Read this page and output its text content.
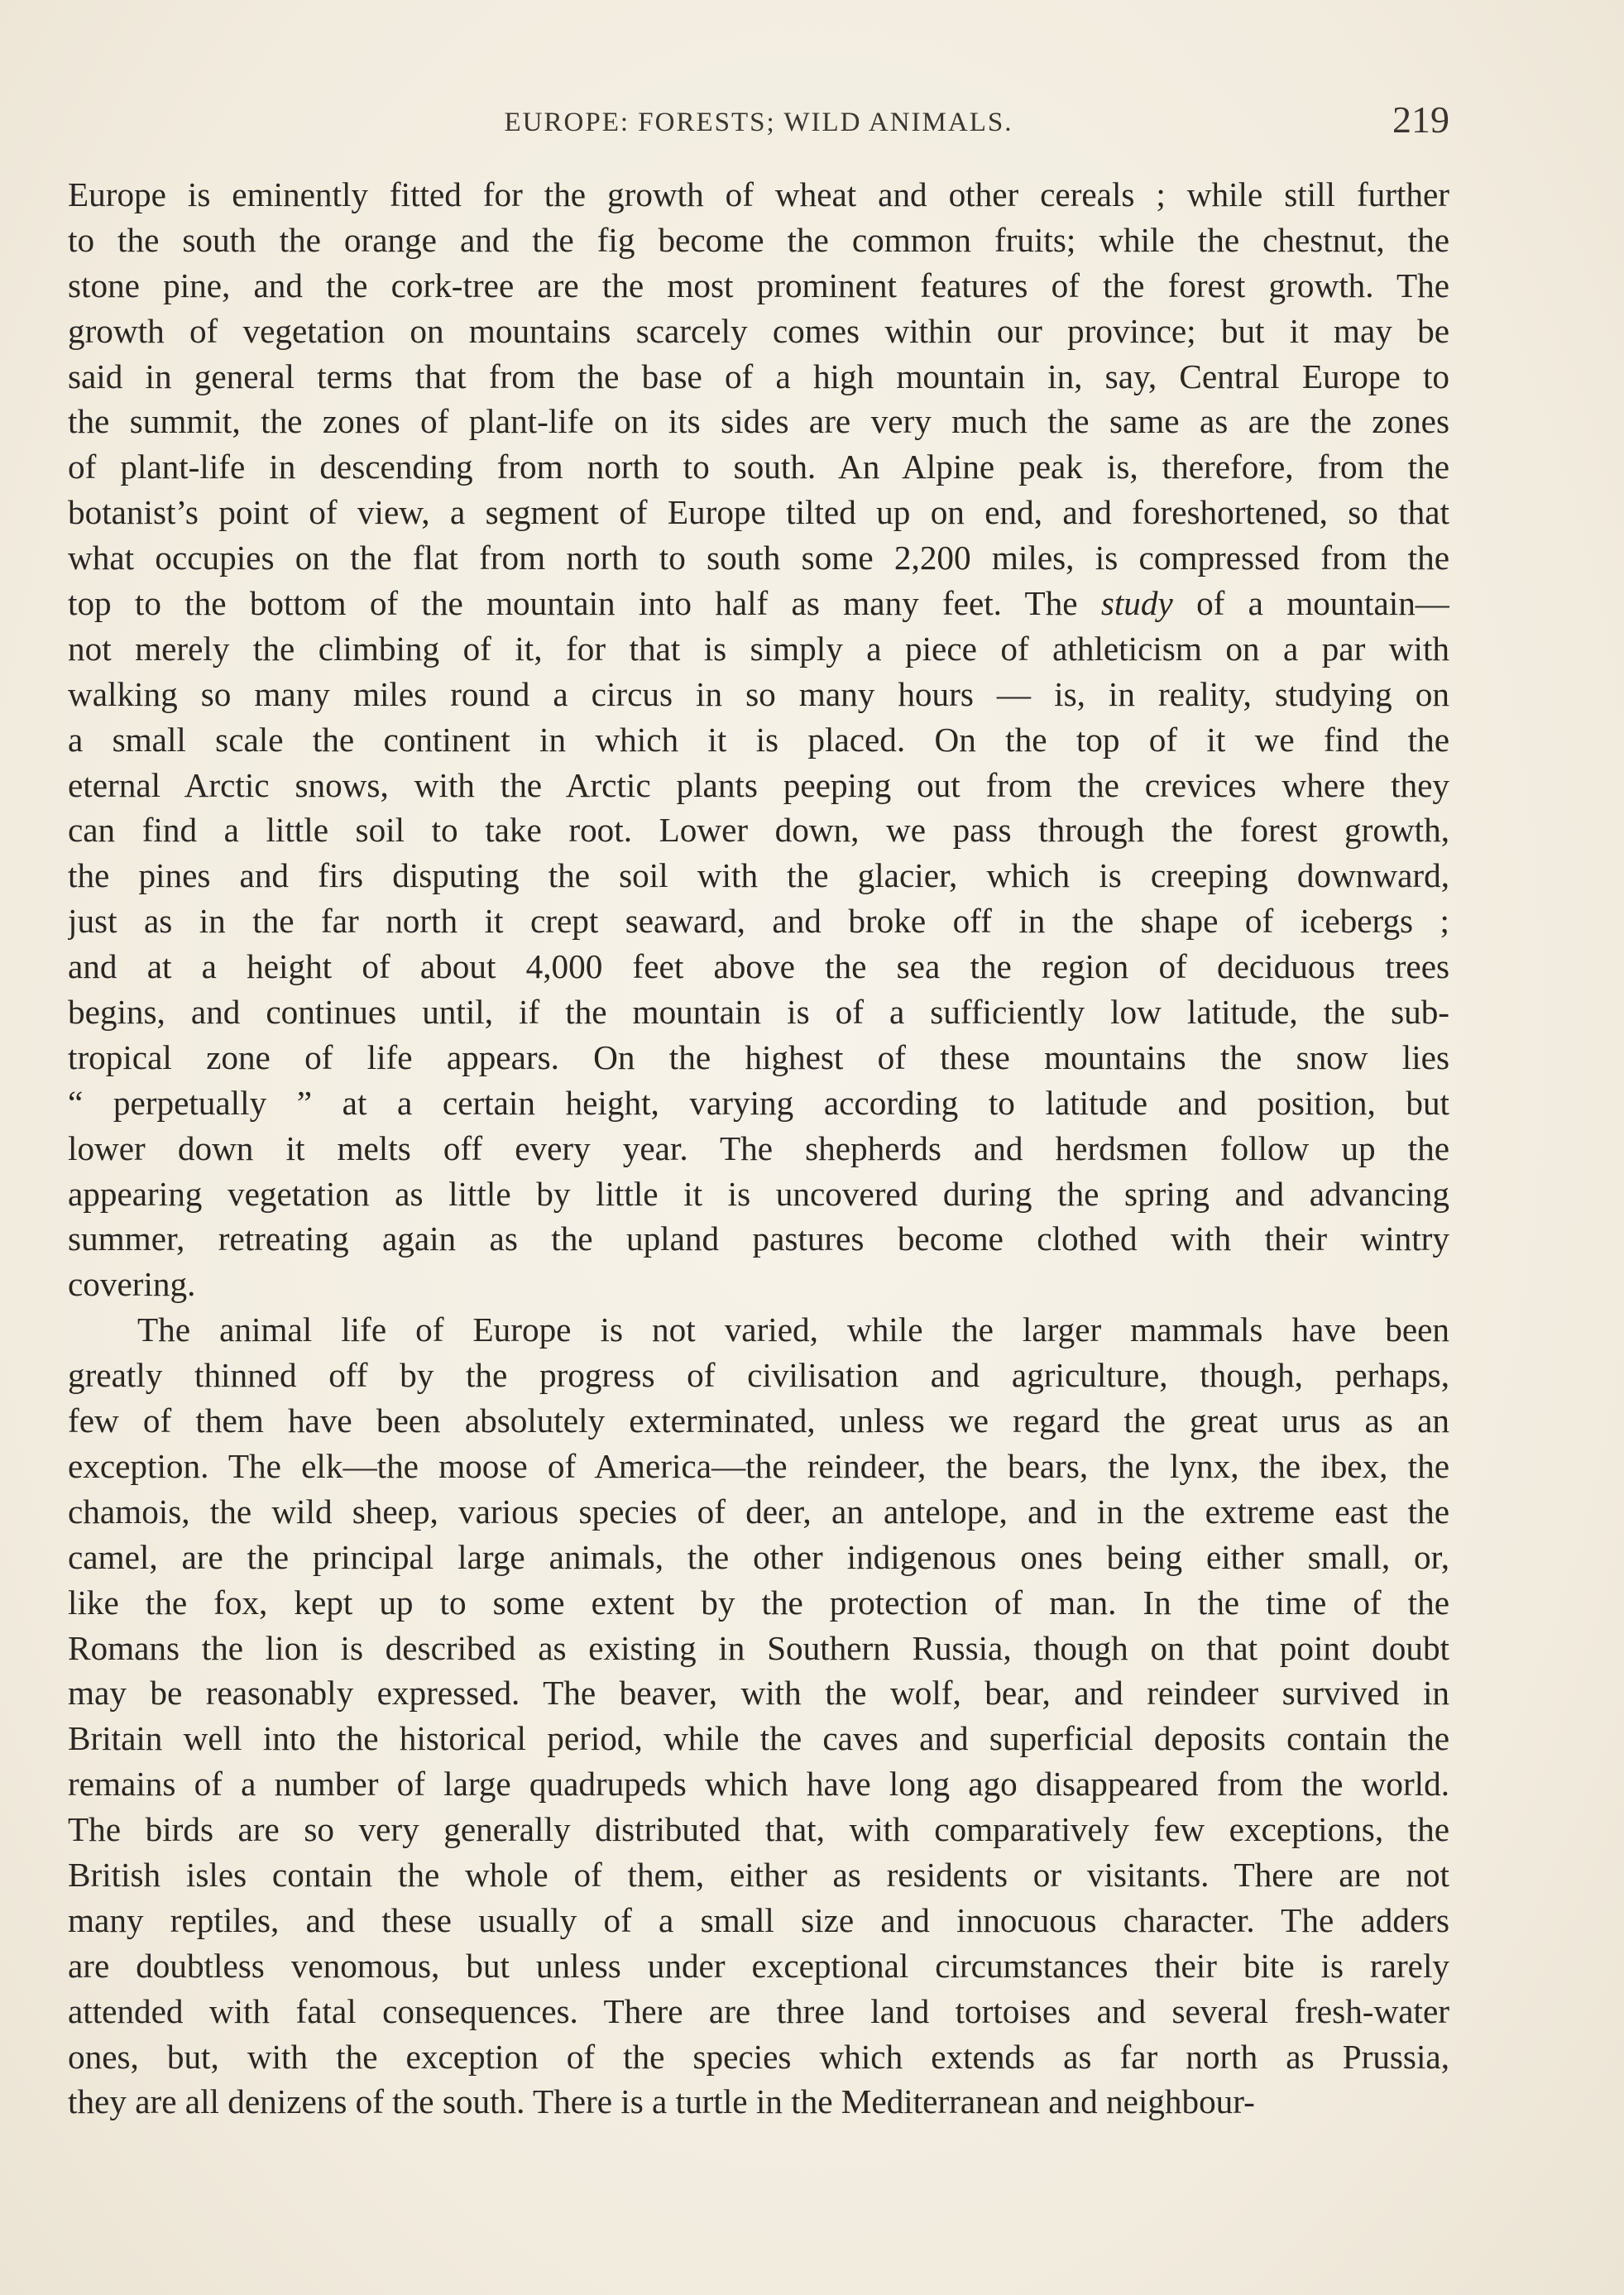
EUROPE: FORESTS; WILD ANIMALS.	219
Europe is eminently fitted for the growth of wheat and other cereals ; while still further
to the south the orange and the fig become the common fruits; while the chestnut, the
stone pine, and the cork-tree are the most prominent features of the forest growth. The
growth of vegetation on mountains scarcely comes within our province; but it may be
said in general terms that from the base of a high mountain in, say, Central Europe to
the summit, the zones of plant-life on its sides are very much the same as are the zones
of plant-life in descending from north to south. An Alpine peak is, therefore, from the
botanist’s point of view, a segment of Europe tilted up on end, and foreshortened, so that
what occupies on the flat from north to south some 2,200 miles, is compressed from the
top to the bottom of the mountain into half as many feet. The study of a mountain—
not merely the climbing of it, for that is simply a piece of athleticism on a par with
walking so many miles round a circus in so many hours — is, in reality, studying on
a small scale the continent in which it is placed. On the top of it we find the
eternal Arctic snows, with the Arctic plants peeping out from the crevices where they
can find a little soil to take root. Lower down, we pass through the forest growth,
the pines and firs disputing the soil with the glacier, which is creeping downward,
just as in the far north it crept seaward, and broke off in the shape of icebergs ;
and at a height of about 4,000 feet above the sea the region of deciduous trees
begins, and continues until, if the mountain is of a sufficiently low latitude, the sub-
tropical zone of life appears. On the highest of these mountains the snow lies
“ perpetually ” at a certain height, varying according to latitude and position, but
lower down it melts off every year. The shepherds and herdsmen follow up the
appearing vegetation as little by little it is uncovered during the spring and advancing
summer, retreating again as the upland pastures become clothed with their wintry
covering.
The animal life of Europe is not varied, while the larger mammals have been
greatly thinned off by the progress of civilisation and agriculture, though, perhaps,
few of them have been absolutely exterminated, unless we regard the great urus as an
exception. The elk—the moose of America—the reindeer, the bears, the lynx, the ibex, the
chamois, the wild sheep, various species of deer, an antelope, and in the extreme east the
camel, are the principal large animals, the other indigenous ones being either small, or,
like the fox, kept up to some extent by the protection of man. In the time of the
Romans the lion is described as existing in Southern Russia, though on that point doubt
may be reasonably expressed. The beaver, with the wolf, bear, and reindeer survived in
Britain well into the historical period, while the caves and superficial deposits contain the
remains of a number of large quadrupeds which have long ago disappeared from the world.
The birds are so very generally distributed that, with comparatively few exceptions, the
British isles contain the whole of them, either as residents or visitants. There are not
many reptiles, and these usually of a small size and innocuous character. The adders
are doubtless venomous, but unless under exceptional circumstances their bite is rarely
attended with fatal consequences. There are three land tortoises and several fresh-water
ones, but, with the exception of the species which extends as far north as Prussia,
they are all denizens of the south. There is a turtle in the Mediterranean and neighbour-
